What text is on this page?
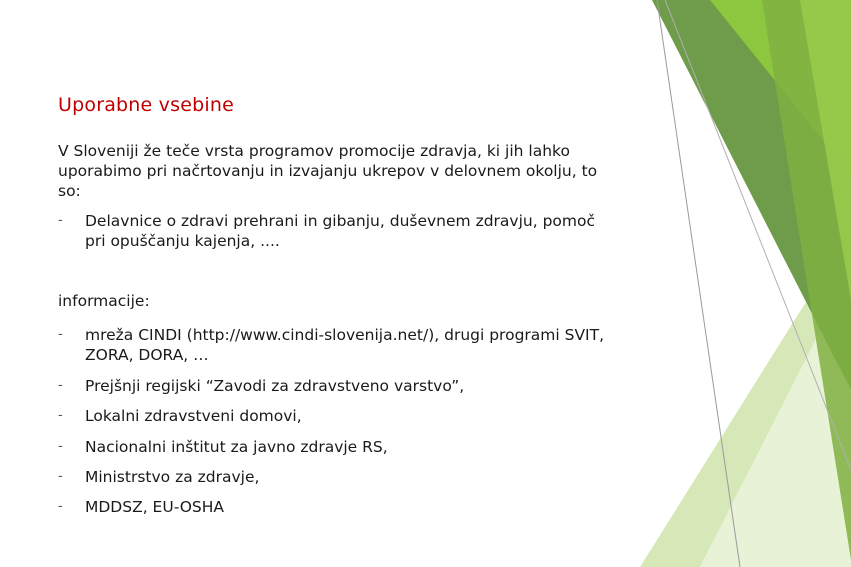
Uporabne vsebine
V Sloveniji že teče vrsta programov promocije zdravja, ki jih lahko uporabimo pri načrtovanju in izvajanju ukrepov v delovnem okolju, to so:
- Delavnice o zdravi prehrani in gibanju, duševnem zdravju, pomoč pri opuščanju kajenja, ....
informacije:
- mreža CINDI (http://www.cindi-slovenija.net/), drugi programi SVIT, ZORA, DORA, …
- Prejšnji regijski “Zavodi za zdravstveno varstvo”,
- Lokalni zdravstveni domovi,
- Nacionalni inštitut za javno zdravje RS,
- Ministrstvo za zdravje,
- MDDSZ, EU-OSHA
